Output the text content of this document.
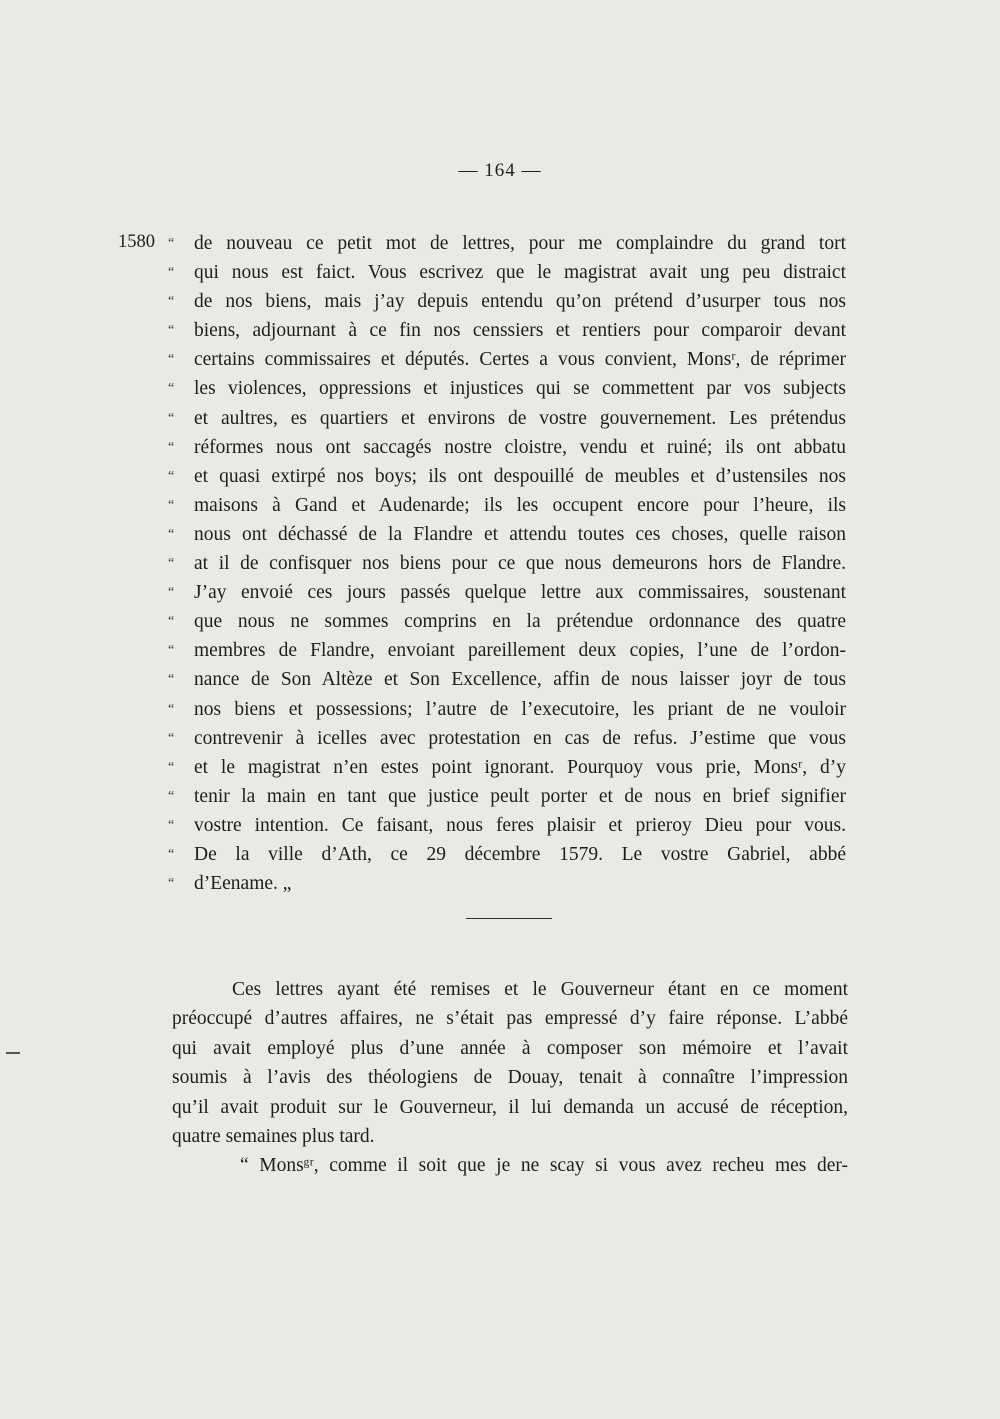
— 164 —
1580 “	de nouveau ce petit mot de lettres, pour me complaindre du grand tort
“	qui nous est faict. Vous escrivez que le magistrat avait ung peu distraict
“	de nos biens, mais j’ay depuis entendu qu’on prétend d’usurper tous nos
“	biens, adjournant à ce fin nos censsiers et rentiers pour comparoir devant
“	certains commissaires et députés. Certes a vous convient, Monsʳ, de réprimer
“	les violences, oppressions et injustices qui se commettent par vos subjects
“	et aultres, es quartiers et environs de vostre gouvernement. Les prétendus
“	réformes nous ont saccagés nostre cloistre, vendu et ruiné; ils ont abbatu
“	et quasi extirpé nos boys; ils ont despouillé de meubles et d’ustensiles nos
“	maisons à Gand et Audenarde; ils les occupent encore pour l’heure, ils
“	nous ont déchassé de la Flandre et attendu toutes ces choses, quelle raison
“	at il de confisquer nos biens pour ce que nous demeurons hors de Flandre.
“	J’ay envoié ces jours passés quelque lettre aux commissaires, soustenant
“	que nous ne sommes comprins en la prétendue ordonnance des quatre
“	membres de Flandre, envoiant pareillement deux copies, l’une de l’ordon-
“	nance de Son Altèze et Son Excellence, affin de nous laisser joyr de tous
“	nos biens et possessions; l’autre de l’executoire, les priant de ne vouloir
“	contrevenir à icelles avec protestation en cas de refus. J’estime que vous
“	et le magistrat n’en estes point ignorant. Pourquoy vous prie, Monsʳ, d’y
“	tenir la main en tant que justice peult porter et de nous en brief signifier
“	vostre intention. Ce faisant, nous feres plaisir et prieroy Dieu pour vous.
“	De la ville d’Ath, ce 29 décembre 1579. Le vostre Gabriel, abbé
“	d’Eename. „
Ces lettres ayant été remises et le Gouverneur étant en ce moment
préoccupé d’autres affaires, ne s’était pas empressé d’y faire réponse. L’abbé
qui avait employé plus d’une année à composer son mémoire et l’avait
soumis à l’avis des théologiens de Douay, tenait à connaître l’impression
qu’il avait produit sur le Gouverneur, il lui demanda un accusé de réception,
quatre semaines plus tard.
“ Monsᵍʳ, comme il soit que je ne scay si vous avez recheu mes der-
